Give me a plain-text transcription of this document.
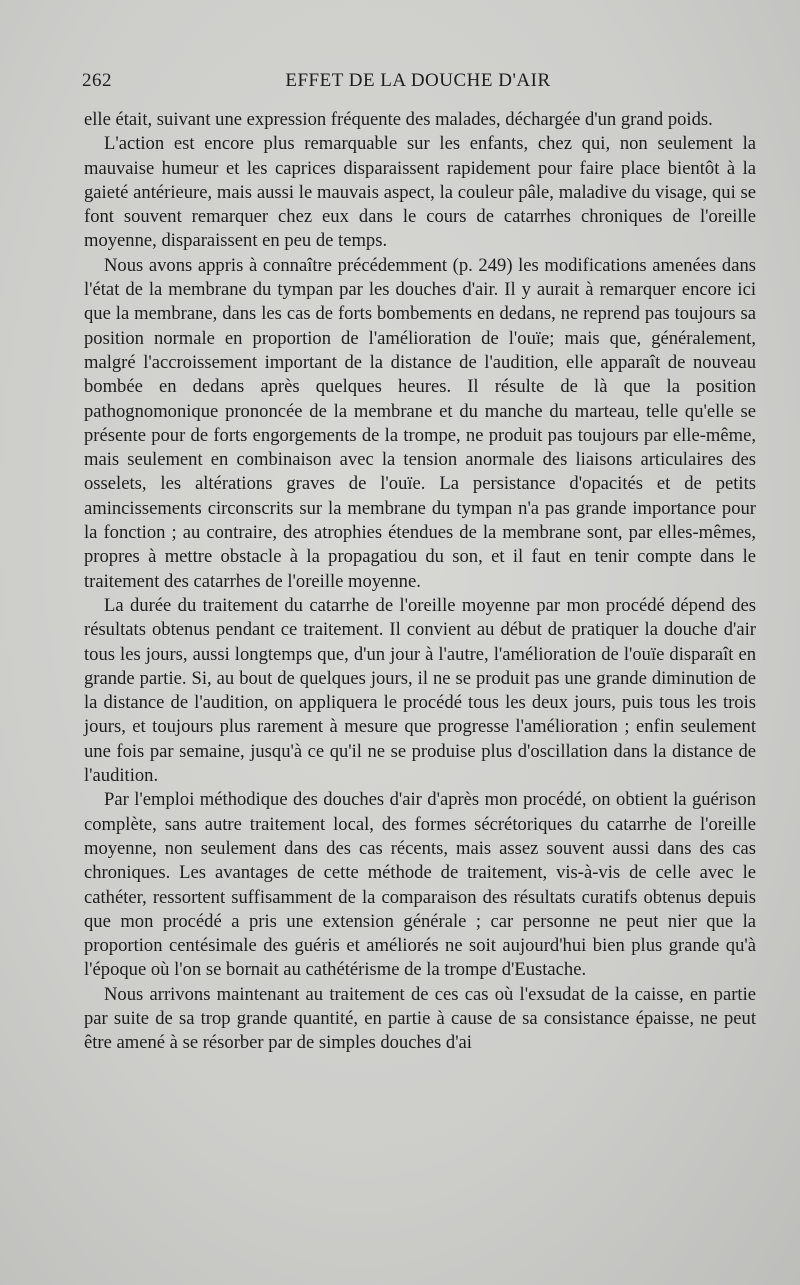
262	EFFET DE LA DOUCHE D'AIR

elle était, suivant une expression fréquente des malades, déchargée d'un grand poids.

L'action est encore plus remarquable sur les enfants, chez qui, non seulement la mauvaise humeur et les caprices disparaissent rapidement pour faire place bientôt à la gaieté antérieure, mais aussi le mauvais aspect, la couleur pâle, maladive du visage, qui se font souvent remarquer chez eux dans le cours de catarrhes chroniques de l'oreille moyenne, disparaissent en peu de temps.

Nous avons appris à connaître précédemment (p. 249) les modifications amenées dans l'état de la membrane du tympan par les douches d'air. Il y aurait à remarquer encore ici que la membrane, dans les cas de forts bombements en dedans, ne reprend pas toujours sa position normale en proportion de l'amélioration de l'ouïe; mais que, généralement, malgré l'accroissement important de la distance de l'audition, elle apparaît de nouveau bombée en dedans après quelques heures. Il résulte de là que la position pathognomonique prononcée de la membrane et du manche du marteau, telle qu'elle se présente pour de forts engorgements de la trompe, ne produit pas toujours par elle-même, mais seulement en combinaison avec la tension anormale des liaisons articulaires des osselets, les altérations graves de l'ouïe. La persistance d'opacités et de petits amincissements circonscrits sur la membrane du tympan n'a pas grande importance pour la fonction ; au contraire, des atrophies étendues de la membrane sont, par elles-mêmes, propres à mettre obstacle à la propagatiou du son, et il faut en tenir compte dans le traitement des catarrhes de l'oreille moyenne.

La durée du traitement du catarrhe de l'oreille moyenne par mon procédé dépend des résultats obtenus pendant ce traitement. Il convient au début de pratiquer la douche d'air tous les jours, aussi longtemps que, d'un jour à l'autre, l'amélioration de l'ouïe disparaît en grande partie. Si, au bout de quelques jours, il ne se produit pas une grande diminution de la distance de l'audition, on appliquera le procédé tous les deux jours, puis tous les trois jours, et toujours plus rarement à mesure que progresse l'amélioration ; enfin seulement une fois par semaine, jusqu'à ce qu'il ne se produise plus d'oscillation dans la distance de l'audition.

Par l'emploi méthodique des douches d'air d'après mon procédé, on obtient la guérison complète, sans autre traitement local, des formes sécrétoriques du catarrhe de l'oreille moyenne, non seulement dans des cas récents, mais assez souvent aussi dans des cas chroniques. Les avantages de cette méthode de traitement, vis-à-vis de celle avec le cathéter, ressortent suffisamment de la comparaison des résultats curatifs obtenus depuis que mon procédé a pris une extension générale ; car personne ne peut nier que la proportion centésimale des guéris et améliorés ne soit aujourd'hui bien plus grande qu'à l'époque où l'on se bornait au cathétérisme de la trompe d'Eustache.

Nous arrivons maintenant au traitement de ces cas où l'exsudat de la caisse, en partie par suite de sa trop grande quantité, en partie à cause de sa consistance épaisse, ne peut être amené à se résorber par de simples douches d'ai
